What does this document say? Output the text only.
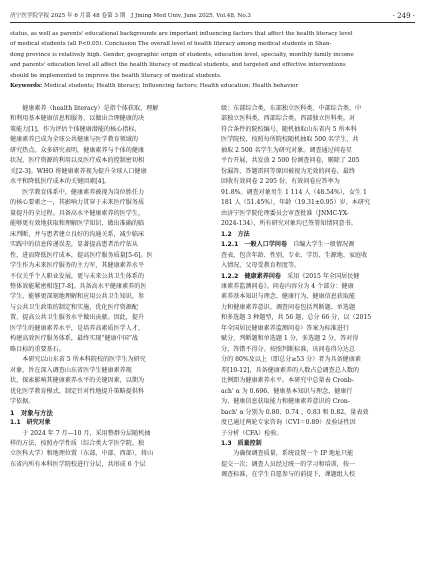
济宁医学院学报 2025 年 6 月第 48 卷第 3 期　J Jining Med Univ, June 2025, Vol.48, No.3	· 249 ·
status, as well as parents' educational backgrounds are important influencing factors that affect the health literacy level
of medical students (all P<0.05). Conclusion The overall level of health literacy among medical students in Shan-
dong province is relatively high. Gender, geographic origin of students, education level, specialty, monthly family income
and parents' education level all affect the health literacy of medical students, and targeted and effective interventions
should be implemented to improve the health literacy of medical students.
Keywords: Medical students; Health literacy; Influencing factors; Health education; Health behavior
　　健康素养（health literacy）是指个体获取、理解
和利用基本健康信息和服务，以做出合理健康的决
策能力[1]。作为评估个体健康潜能的核心指标，
健康素养已成为全球公共健康与医学教育领域的
研究热点。众多研究表明，健康素养与个体的健康
状况、医疗资源的利用以及医疗成本的控制密切相
关[2-3]。WHO 将健康素养视为提升全球人口健康
水平和降低医疗成本的关键因素[4]。
　　医学教育体系中，健康素养被视为岗位胜任力
的核心要素之一，其影响力贯穿于未来医疗服务质
量提升的全过程。具备高水平健康素养的医学生，
能够更有效地获取和理解医学知识，做出准确的临
床判断，并与患者建立良好的沟通关系，减少临床
实践中的信息传递误差，显著提高患者治疗依从
性，进而降低医疗成本，提高医疗服务质量[5-6]。医
学生作为未来医疗服务的主力军，其健康素养水平
不仅关乎个人职业发展，更与未来公共卫生体系的
整体效能紧密相连[7-8]。具备高水平健康素养的医
学生，能够更深刻地理解和应用公共卫生知识，参
与公共卫生政策的制定和实施，优化医疗资源配
置，提高公共卫生服务水平做出贡献。因此，提升
医学生的健康素养水平，是培养高素质医学人才，
构建高效医疗服务体系，最终实现“健康中国”战
略目标的重要基石。
　　本研究以山东省 5 所本科院校的医学生为研究
对象，旨在深入调查山东省医学生健康素养现
状，探索影响其健康素养水平的关键因素，以期为
优化医学教育模式、制定针对性地提升策略提供科
学依据。
1　对象与方法
1.1　研究对象
　　于 2024 年 7 月—10 月，采用整群分层随机抽
样的方法，按照办学性质（综合类大学医学院、独
立医科大学）和地理位置（东部、中部、西部），将山
东省内所有本科医学院校进行分层，共形成 6 个层
级：东部综合类、东部独立医科类、中部综合类、中
部独立医科类、西部综合类、西部独立医科类。对
符合条件的院校编号，随机抽取山东省内 5 所本科
医学院校，按照每所院校随机抽取 500 名学生，共
抽取 2 500 名学生为研究对象。调查通过问卷星
平台开展，共发放 2 500 份调查问卷，剔除了 205
份漏答、答题雷同等原因被视为无效的问卷，最终
回收有效问卷 2 295 份，有效问卷应答率为
91.8%。调查对象男生 1 114 人（48.54%），女生 1
181 人（51.45%），年龄（19.31±0.95）岁。本研究
由济宁医学院伦理委员会审查批准（JNMC-YX-
2024-134），所有研究对象均已签署知情同意书。
1.2　方法
1.2.1　一般人口学问卷　自编大学生一般情况调
查表，包含年龄、性别、专业、学历、生源地、家庭收
入情况、父母受教育程度等。
1.2.2　健康素养问卷　采用《2015 年全国居民健
康素养监测问卷》。问卷内容分为 4 个部分：健康
素养基本知识与理念、健康行为、健康信息获取能
力和健康素养意识。调查问卷包括判断题、单选题
和多选题 3 种题型，共 56 题，总分 66 分，以（2015
年全国居民健康素养监测问卷）答案为标准进行
赋分，判断题和单选题 1 分，多选题 2 分，答对得
分，答错不得分。按照判断标准，该问卷得分达总
分的 80%及以上（即总分≥53 分）者为具备健康素
养[10-12]，具备健康素养的人数占总调查总人数的
比例即为健康素养水平。本研究中总量表 Cronb-
ach' α 为 0.696，健康基本知识与理念、健康行
为、健康信息获取能力和健康素养意识的 Cron-
bach' α 分别为 0.80、0.74 、0.83 和 0.82。量表效
度已通过两轮专家咨询（CVI＝0.89）及验证性因
子分析（CFA）检验。
1.3　质量控制
　　为确保调查质量，系统设置一个 IP 地址只能
提交一次；调查人员经过统一的学习和培训，按一
调查标准，在学生自愿参与的前提下，课题组人校
